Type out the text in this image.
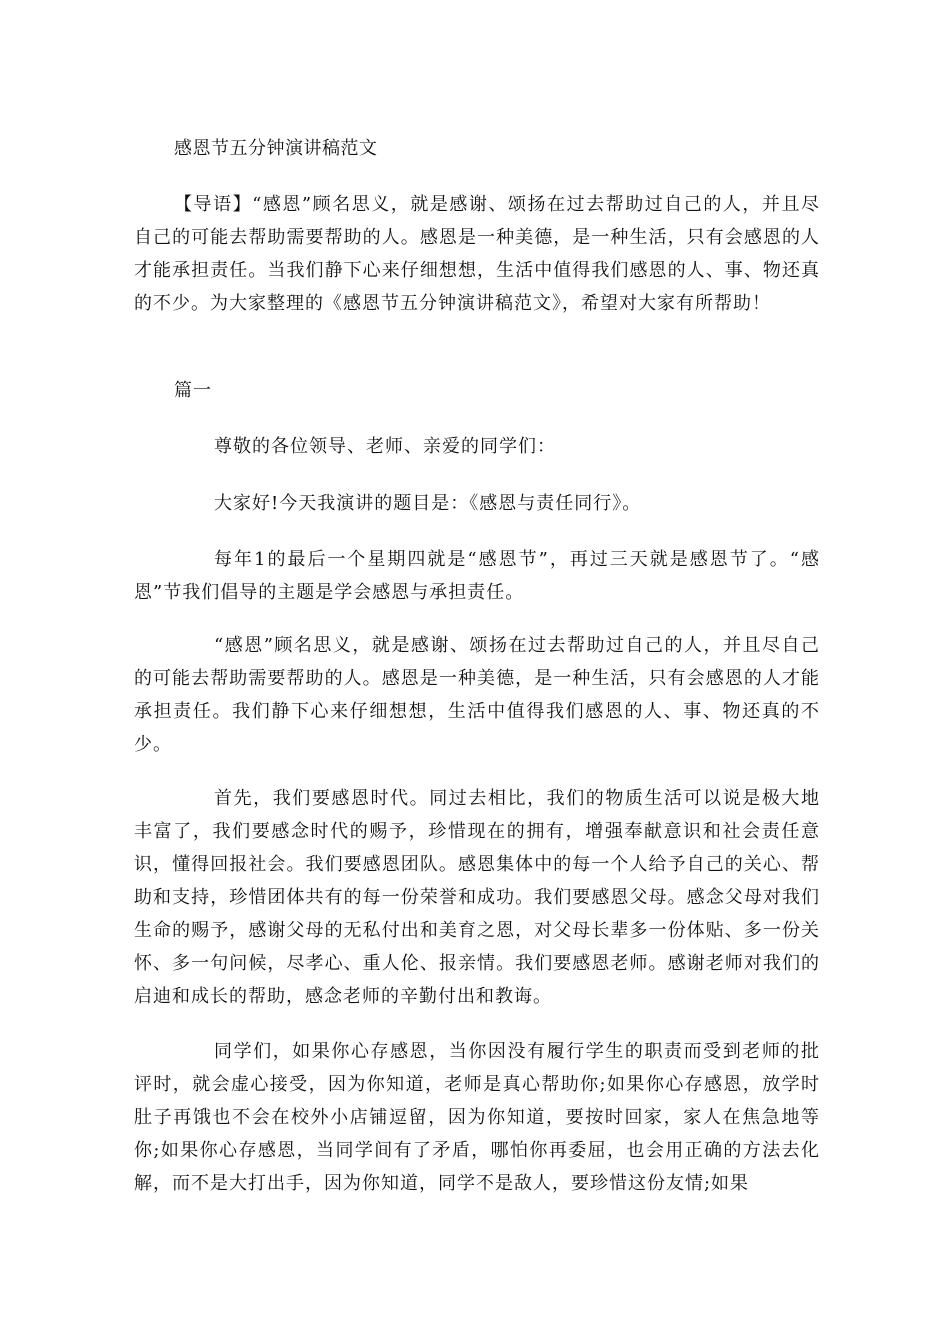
感恩节五分钟演讲稿范文

【导语】“感恩”顾名思义，就是感谢、颂扬在过去帮助过自己的人，并且尽自己的可能去帮助需要帮助的人。感恩是一种美德，是一种生活，只有会感恩的人才能承担责任。当我们静下心来仔细想想，生活中值得我们感恩的人、事、物还真的不少。为大家整理的《感恩节五分钟演讲稿范文》，希望对大家有所帮助！

篇一

尊敬的各位领导、老师、亲爱的同学们：

大家好!今天我演讲的题目是：《感恩与责任同行》。

每年1的最后一个星期四就是“感恩节”，再过三天就是感恩节了。“感恩”节我们倡导的主题是学会感恩与承担责任。

“感恩”顾名思义，就是感谢、颂扬在过去帮助过自己的人，并且尽自己的可能去帮助需要帮助的人。感恩是一种美德，是一种生活，只有会感恩的人才能承担责任。我们静下心来仔细想想，生活中值得我们感恩的人、事、物还真的不少。

首先，我们要感恩时代。同过去相比，我们的物质生活可以说是极大地丰富了，我们要感念时代的赐予，珍惜现在的拥有，增强奉献意识和社会责任意识，懂得回报社会。我们要感恩团队。感恩集体中的每一个人给予自己的关心、帮助和支持，珍惜团体共有的每一份荣誉和成功。我们要感恩父母。感念父母对我们生命的赐予，感谢父母的无私付出和美育之恩，对父母长辈多一份体贴、多一份关怀、多一句问候，尽孝心、重人伦、报亲情。我们要感恩老师。感谢老师对我们的启迪和成长的帮助，感念老师的辛勤付出和教诲。

同学们，如果你心存感恩，当你因没有履行学生的职责而受到老师的批评时，就会虚心接受，因为你知道，老师是真心帮助你;如果你心存感恩，放学时肚子再饿也不会在校外小店铺逗留，因为你知道，要按时回家，家人在焦急地等你;如果你心存感恩，当同学间有了矛盾，哪怕你再委屈，也会用正确的方法去化解，而不是大打出手，因为你知道，同学不是敌人，要珍惜这份友情;如果
